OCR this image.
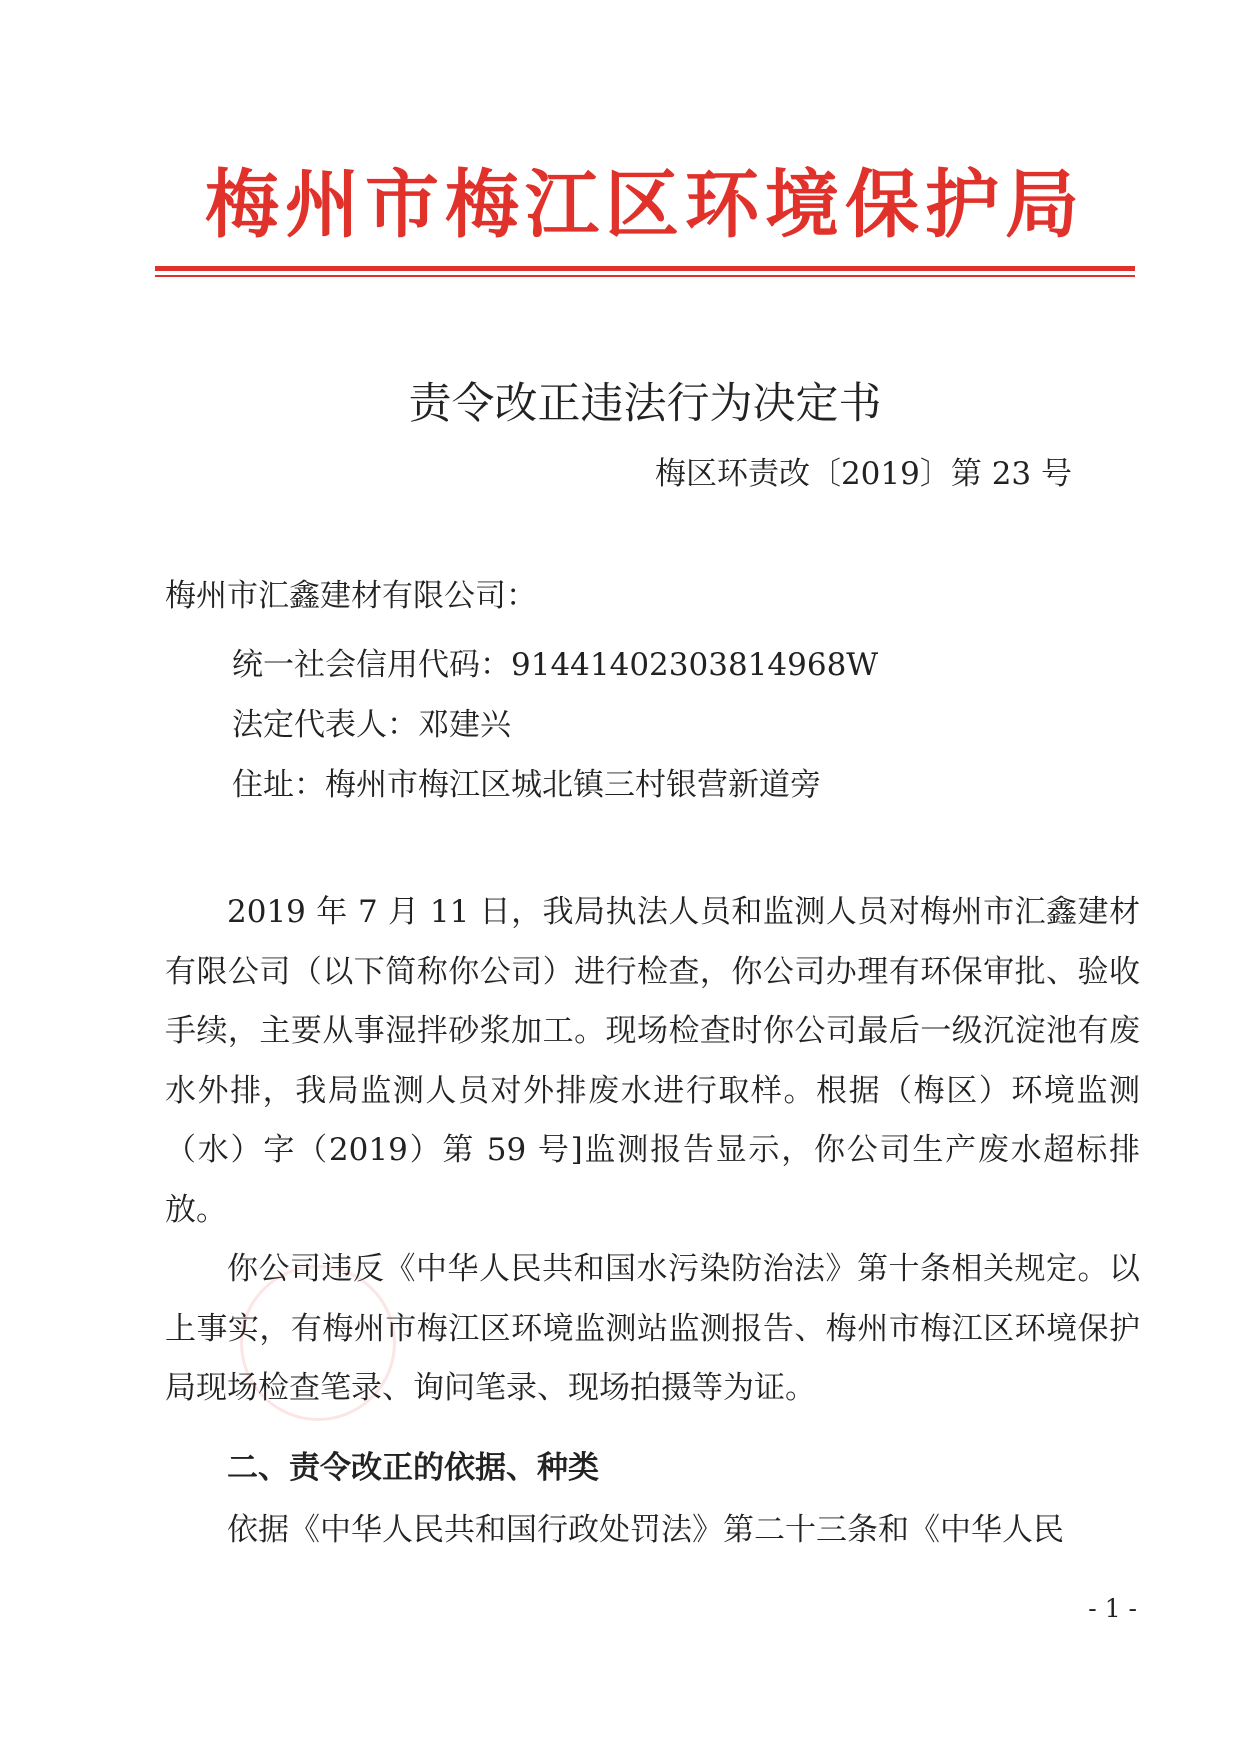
梅州市梅江区环境保护局
责令改正违法行为决定书
梅区环责改〔2019〕第 23 号
梅州市汇鑫建材有限公司：
统一社会信用代码：91441402303814968W
法定代表人：邓建兴
住址：梅州市梅江区城北镇三村银营新道旁

2019 年 7 月 11 日，我局执法人员和监测人员对梅州市汇鑫建材有限公司（以下简称你公司）进行检查，你公司办理有环保审批、验收手续，主要从事湿拌砂浆加工。现场检查时你公司最后一级沉淀池有废水外排，我局监测人员对外排废水进行取样。根据（梅区）环境监测（水）字（2019）第 59 号]监测报告显示，你公司生产废水超标排放。

你公司违反《中华人民共和国水污染防治法》第十条相关规定。以上事实，有梅州市梅江区环境监测站监测报告、梅州市梅江区环境保护局现场检查笔录、询问笔录、现场拍摄等为证。

二、责令改正的依据、种类

依据《中华人民共和国行政处罚法》第二十三条和《中华人民

- 1 -
